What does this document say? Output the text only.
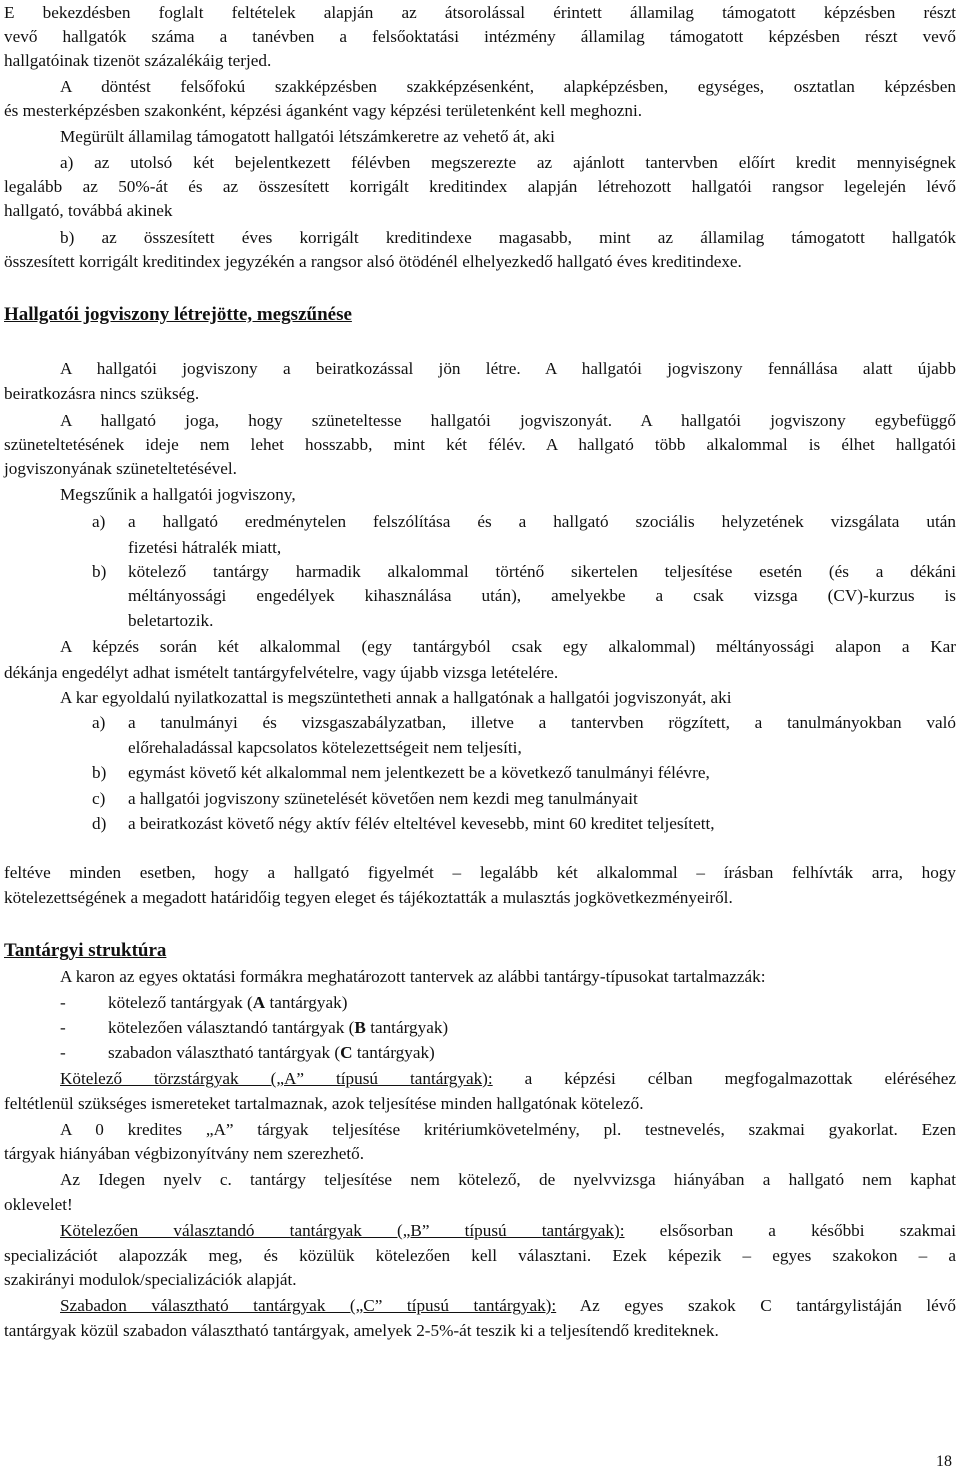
E bekezdésben foglalt feltételek alapján az átsorolással érintett államilag támogatott képzésben részt
vevő hallgatók száma a tanévben a felsőoktatási intézmény államilag támogatott képzésben részt vevő
hallgatóinak tizenöt százalékáig terjed.
A döntést felsőfokú szakképzésben szakképzésenként, alapképzésben, egységes, osztatlan képzésben
és mesterképzésben szakonként, képzési áganként vagy képzési területenként kell meghozni.
Megürült államilag támogatott hallgatói létszámkeretre az vehető át, aki
a) az utolsó két bejelentkezett félévben megszerezte az ajánlott tantervben előírt kredit mennyiségnek
legalább az 50%-át és az összesített korrigált kreditindex alapján létrehozott hallgatói rangsor legelején lévő
hallgató, továbbá akinek
b) az összesített éves korrigált kreditindexe magasabb, mint az államilag támogatott hallgatók
összesített korrigált kreditindex jegyzékén a rangsor alsó ötödénél elhelyezkedő hallgató éves kreditindexe.
Hallgatói jogviszony létrejötte, megszűnése
A hallgatói jogviszony a beiratkozással jön létre. A hallgatói jogviszony fennállása alatt újabb
beiratkozásra nincs szükség.
A hallgató joga, hogy szüneteltesse hallgatói jogviszonyát. A hallgatói jogviszony egybefüggő
szüneteltetésének ideje nem lehet hosszabb, mint két félév. A hallgató több alkalommal is élhet hallgatói
jogviszonyának szüneteltetésével.
Megszűnik a hallgatói jogviszony,
a) a hallgató eredménytelen felszólítása és a hallgató szociális helyzetének vizsgálata után
fizetési hátralék miatt,
b) kötelező tantárgy harmadik alkalommal történő sikertelen teljesítése esetén (és a dékáni
méltányossági engedélyek kihasználása után), amelyekbe a csak vizsga (CV)-kurzus is
beletartozik.
A képzés során két alkalommal (egy tantárgyból csak egy alkalommal) méltányossági alapon a Kar
dékánja engedélyt adhat ismételt tantárgyfelvételre, vagy újabb vizsga letételére.
A kar egyoldalú nyilatkozattal is megszüntetheti annak a hallgatónak a hallgatói jogviszonyát, aki
a) a tanulmányi és vizsgaszabályzatban, illetve a tantervben rögzített, a tanulmányokban való
előrehaladással kapcsolatos kötelezettségeit nem teljesíti,
b) egymást követő két alkalommal nem jelentkezett be a következő tanulmányi félévre,
c) a hallgatói jogviszony szünetelését követően nem kezdi meg tanulmányait
d) a beiratkozást követő négy aktív félév elteltével kevesebb, mint 60 kreditet teljesített,
feltéve minden esetben, hogy a hallgató figyelmét – legalább két alkalommal – írásban felhívták arra, hogy
kötelezettségének a megadott határidőig tegyen eleget és tájékoztatták a mulasztás jogkövetkezményeiről.
Tantárgyi struktúra
A karon az egyes oktatási formákra meghatározott tantervek az alábbi tantárgy-típusokat tartalmazzák:
- kötelező tantárgyak (A tantárgyak)
- kötelezően választandó tantárgyak (B tantárgyak)
- szabadon választható tantárgyak (C tantárgyak)
Kötelező törzstárgyak („A” típusú tantárgyak): a képzési célban megfogalmazottak eléréséhez
feltétlenül szükséges ismereteket tartalmaznak, azok teljesítése minden hallgatónak kötelező.
A 0 kredites „A” tárgyak teljesítése kritériumkövetelmény, pl. testnevelés, szakmai gyakorlat. Ezen
tárgyak hiányában végbizonyítvány nem szerezhető.
Az Idegen nyelv c. tantárgy teljesítése nem kötelező, de nyelvvizsga hiányában a hallgató nem kaphat
oklevelet!
Kötelezően választandó tantárgyak („B” típusú tantárgyak): elsősorban a későbbi szakmai
specializációt alapozzák meg, és közülük kötelezően kell választani. Ezek képezik – egyes szakokon – a
szakirányi modulok/specializációk alapját.
Szabadon választható tantárgyak („C” típusú tantárgyak): Az egyes szakok C tantárgylistáján lévő
tantárgyak közül szabadon választható tantárgyak, amelyek 2-5%-át teszik ki a teljesítendő krediteknek.
18
